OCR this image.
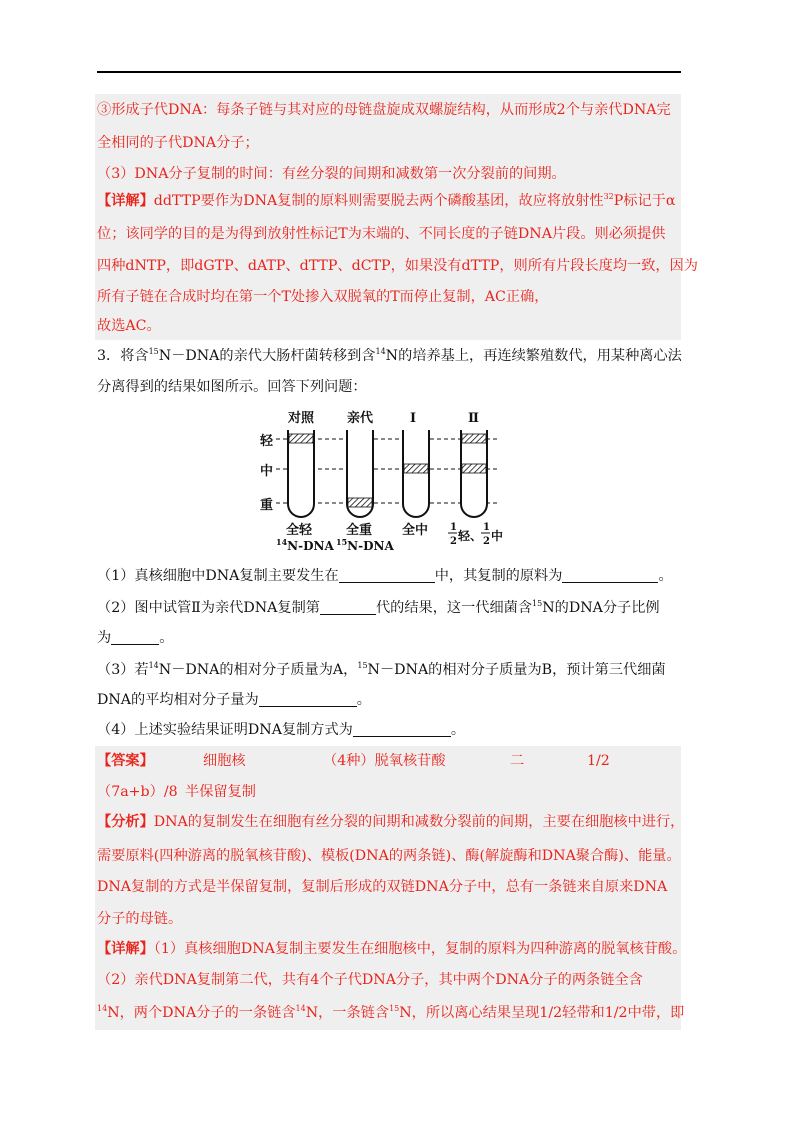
③形成子代DNA：每条子链与其对应的母链盘旋成双螺旋结构，从而形成2个与亲代DNA完
全相同的子代DNA分子；
（3）DNA分子复制的时间：有丝分裂的间期和减数第一次分裂前的间期。
【详解】ddTTP要作为DNA复制的原料则需要脱去两个磷酸基团，故应将放射性$^{32}$P标记于α
位；该同学的目的是为得到放射性标记T为末端的、不同长度的子链DNA片段。则必须提供
四种dNTP，即dGTP、dATP、dTTP、dCTP，如果没有dTTP，则所有片段长度均一致，因为
所有子链在合成时均在第一个T处掺入双脱氧的T而停止复制，AC正确，
故选AC。
3．将含$^{15}$N－DNA的亲代大肠杆菌转移到含$^{14}$N的培养基上，再连续繁殖数代，用某种离心法
分离得到的结果如图所示。回答下列问题：
对照	亲代	Ⅰ	Ⅱ
轻
中
重
全轻
$^{14}$N-DNA
全重
$^{15}$N-DNA
全中 1
2 轻、
1
2 中
（1）真核细胞中DNA复制主要发生在	中，其复制的原料为	。
（2）图中试管Ⅱ为亲代DNA复制第	代的结果，这一代细菌含$^{15}$N的DNA分子比例
为	。
（3）若$^{14}$N－DNA的相对分子质量为A，$^{15}$N－DNA的相对分子质量为B，预计第三代细菌
DNA的平均相对分子量为	。
（4）上述实验结果证明DNA复制方式为	。
【答案】	细胞核	（4种）脱氧核苷酸	二	1/2
（7a+b）/8 半保留复制
【分析】DNA的复制发生在细胞有丝分裂的间期和减数分裂前的间期，主要在细胞核中进行，
需要原料(四种游离的脱氧核苷酸)、模板(DNA的两条链)、酶(解旋酶和DNA聚合酶)、能量。
DNA复制的方式是半保留复制，复制后形成的双链DNA分子中，总有一条链来自原来DNA
分子的母链。
【详解】（1）真核细胞DNA复制主要发生在细胞核中，复制的原料为四种游离的脱氧核苷酸。
（2）亲代DNA复制第二代，共有4个子代DNA分子，其中两个DNA分子的两条链全含
$^{14}$N，两个DNA分子的一条链含$^{14}$N，一条链含$^{15}$N，所以离心结果呈现1/2轻带和1/2中带，即
